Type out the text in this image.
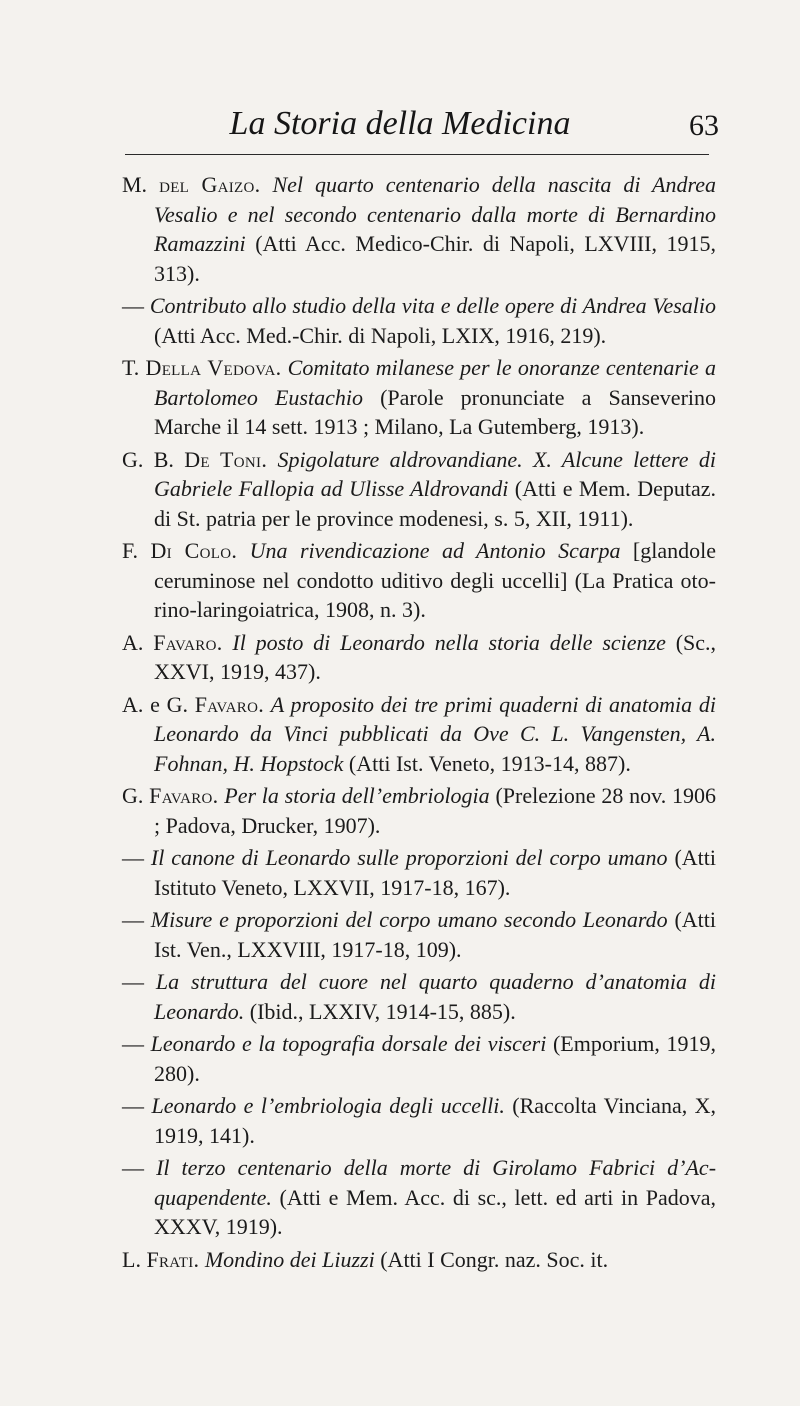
La Storia della Medicina	63

M. del Gaizo. Nel quarto centenario della nascita di Andrea Vesalio e nel secondo centenario dalla morte di Bernardino Ramazzini (Atti Acc. Medico-Chir. di Napoli, LXVIII, 1915, 313).

— Contributo allo studio della vita e delle opere di Andrea Vesalio (Atti Acc. Med.-Chir. di Napoli, LXIX, 1916, 219).

T. Della Vedova. Comitato milanese per le onoranze centenarie a Bartolomeo Eustachio (Parole pronunciate a Sanseverino Marche il 14 sett. 1913 ; Milano, La Gutemberg, 1913).

G. B. De Toni. Spigolature aldrovandiane. X. Alcune lettere di Gabriele Fallopia ad Ulisse Aldrovandi (Atti e Mem. Deputaz. di St. patria per le province modenesi, s. 5, XII, 1911).

F. Di Colo. Una rivendicazione ad Antonio Scarpa [glandole ceruminose nel condotto uditivo degli uccelli] (La Pratica oto-rino-laringoiatrica, 1908, n. 3).

A. Favaro. Il posto di Leonardo nella storia delle scienze (Sc., XXVI, 1919, 437).

A. e G. Favaro. A proposito dei tre primi quaderni di anatomia di Leonardo da Vinci pubblicati da Ove C. L. Vangensten, A. Fohnan, H. Hopstock (Atti Ist. Veneto, 1913-14, 887).

G. Favaro. Per la storia dell’embriologia (Prelezione 28 nov. 1906 ; Padova, Drucker, 1907).

— Il canone di Leonardo sulle proporzioni del corpo umano (Atti Istituto Veneto, LXXVII, 1917-18, 167).

— Misure e proporzioni del corpo umano secondo Leonardo (Atti Ist. Ven., LXXVIII, 1917-18, 109).

— La struttura del cuore nel quarto quaderno d’anatomia di Leonardo. (Ibid., LXXIV, 1914-15, 885).

— Leonardo e la topografia dorsale dei visceri (Emporium, 1919, 280).

— Leonardo e l’embriologia degli uccelli. (Raccolta Vinciana, X, 1919, 141).

— Il terzo centenario della morte di Girolamo Fabrici d’Acquapendente. (Atti e Mem. Acc. di sc., lett. ed arti in Padova, XXXV, 1919).

L. Frati. Mondino dei Liuzzi (Atti I Congr. naz. Soc. it.
